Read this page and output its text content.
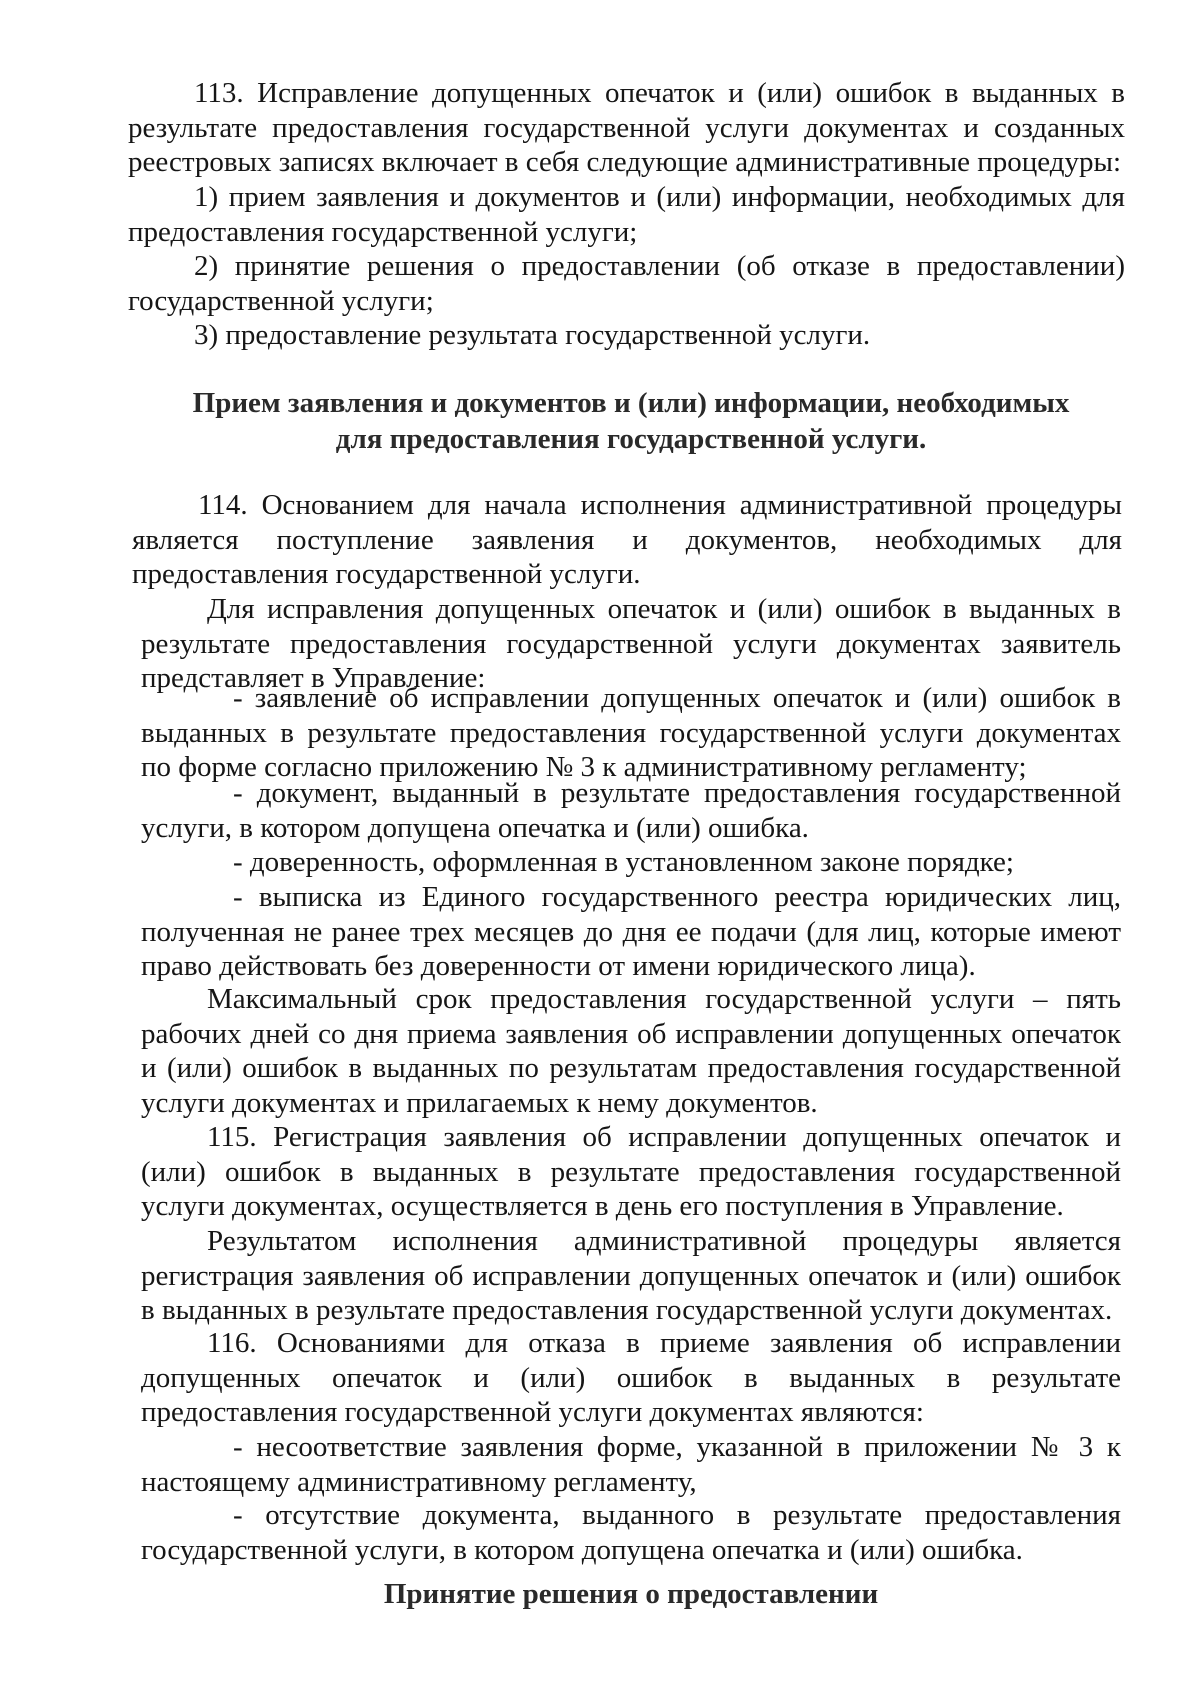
113. Исправление допущенных опечаток и (или) ошибок в выданных в результате предоставления государственной услуги документах и созданных реестровых записях включает в себя следующие административные процедуры:

1) прием заявления и документов и (или) информации, необходимых для предоставления государственной услуги;

2) принятие решения о предоставлении (об отказе в предоставлении) государственной услуги;

3) предоставление результата государственной услуги.

Прием заявления и документов и (или) информации, необходимых
для предоставления государственной услуги.

114. Основанием для начала исполнения административной процедуры является поступление заявления и документов, необходимых для предоставления государственной услуги.

Для исправления допущенных опечаток и (или) ошибок в выданных в результате предоставления государственной услуги документах заявитель представляет в Управление:

- заявление об исправлении допущенных опечаток и (или) ошибок в выданных в результате предоставления государственной услуги документах по форме согласно приложению № 3 к административному регламенту;

- документ, выданный в результате предоставления государственной услуги, в котором допущена опечатка и (или) ошибка.

- доверенность, оформленная в установленном законе порядке;

- выписка из Единого государственного реестра юридических лиц, полученная не ранее трех месяцев до дня ее подачи (для лиц, которые имеют право действовать без доверенности от имени юридического лица).

Максимальный срок предоставления государственной услуги – пять рабочих дней со дня приема заявления об исправлении допущенных опечаток и (или) ошибок в выданных по результатам предоставления государственной услуги документах и прилагаемых к нему документов.

115. Регистрация заявления об исправлении допущенных опечаток и (или) ошибок в выданных в результате предоставления государственной услуги документах, осуществляется в день его поступления в Управление.

Результатом исполнения административной процедуры является регистрация заявления об исправлении допущенных опечаток и (или) ошибок в выданных в результате предоставления государственной услуги документах.

116. Основаниями для отказа в приеме заявления об исправлении допущенных опечаток и (или) ошибок в выданных в результате предоставления государственной услуги документах являются:

- несоответствие заявления форме, указанной в приложении № 3 к настоящему административному регламенту,

- отсутствие документа, выданного в результате предоставления государственной услуги, в котором допущена опечатка и (или) ошибка.

Принятие решения о предоставлении
